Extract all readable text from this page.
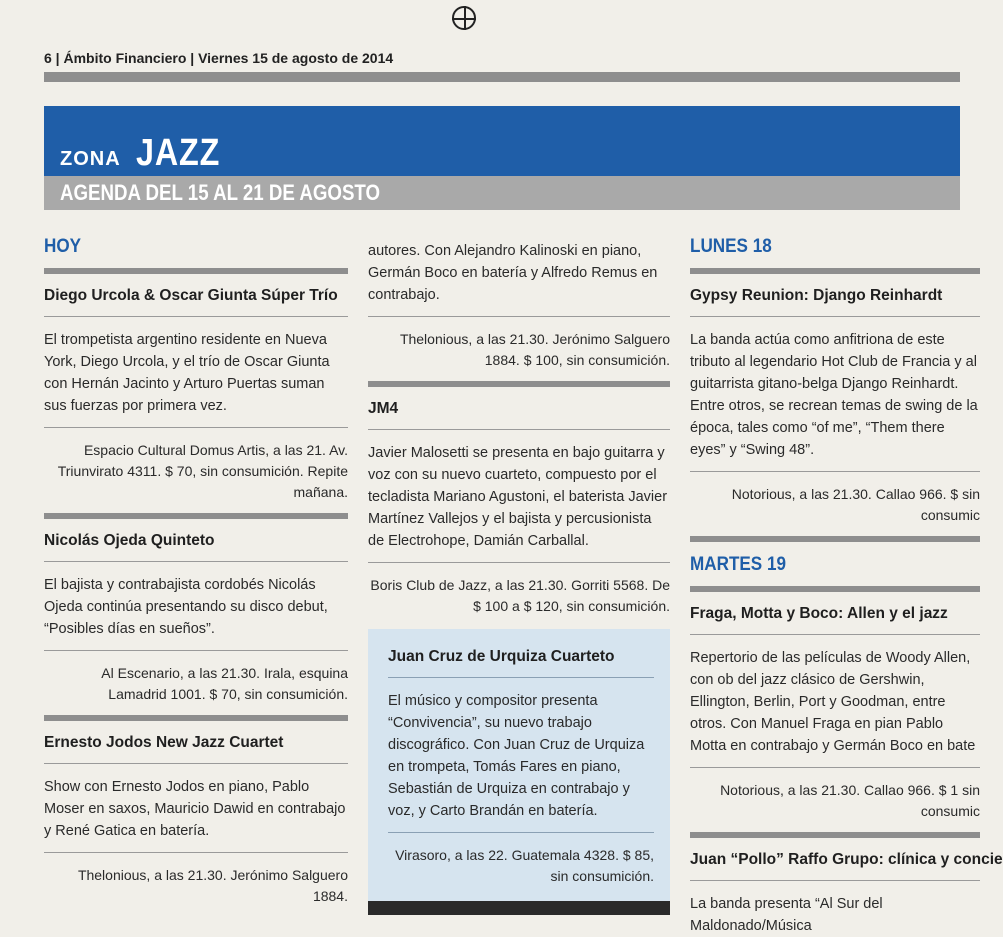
6 | Ámbito Financiero | Viernes 15 de agosto de 2014
ZONA JAZZ
AGENDA DEL 15 AL 21 DE AGOSTO
HOY
Diego Urcola & Oscar Giunta Súper Trío
El trompetista argentino residente en Nueva York, Diego Urcola, y el trío de Oscar Giunta con Hernán Jacinto y Arturo Puertas suman sus fuerzas por primera vez.
Espacio Cultural Domus Artis, a las 21. Av. Triunvirato 4311. $ 70, sin consumición. Repite mañana.
Nicolás Ojeda Quinteto
El bajista y contrabajista cordobés Nicolás Ojeda continúa presentando su disco debut, “Posibles días en sueños”.
Al Escenario, a las 21.30. Irala, esquina Lamadrid 1001. $ 70, sin consumición.
Ernesto Jodos New Jazz Cuartet
Show con Ernesto Jodos en piano, Pablo Moser en saxos, Mauricio Dawid en contrabajo y René Gatica en batería.
Thelonious, a las 21.30. Jerónimo Salguero 1884.
autores. Con Alejandro Kalinoski en piano, Germán Boco en batería y Alfredo Remus en contrabajo.
Thelonious, a las 21.30. Jerónimo Salguero 1884. $ 100, sin consumición.
JM4
Javier Malosetti se presenta en bajo guitarra y voz con su nuevo cuarteto, compuesto por el tecladista Mariano Agustoni, el baterista Javier Martínez Vallejos y el bajista y percusionista de Electrohope, Damián Carballal.
Boris Club de Jazz, a las 21.30. Gorriti 5568. De $ 100 a $ 120, sin consumición.
Juan Cruz de Urquiza Cuarteto
El músico y compositor presenta “Convivencia”, su nuevo trabajo discográfico. Con Juan Cruz de Urquiza en trompeta, Tomás Fares en piano, Sebastián de Urquiza en contrabajo y voz, y Carto Brandán en batería.
Virasoro, a las 22. Guatemala 4328. $ 85, sin consumición.
LUNES 18
Gypsy Reunion: Django Reinhardt
La banda actúa como anfitriona de este tributo al legendario Hot Club de Francia y al guitarrista gitano-belga Django Reinhardt. Entre otros, se recrean temas de swing de la época, tales como “of me”, “Them there eyes” y “Swing 48”.
Notorious, a las 21.30. Callao 966. $ sin consumic
MARTES 19
Fraga, Motta y Boco: Allen y el jazz
Repertorio de las películas de Woody Allen, con ob del jazz clásico de Gershwin, Ellington, Berlin, Port y Goodman, entre otros. Con Manuel Fraga en pian Pablo Motta en contrabajo y Germán Boco en bate
Notorious, a las 21.30. Callao 966. $ 1 sin consumic
Juan “Pollo” Raffo Grupo: clínica y concie
La banda presenta “Al Sur del Maldonado/Música
